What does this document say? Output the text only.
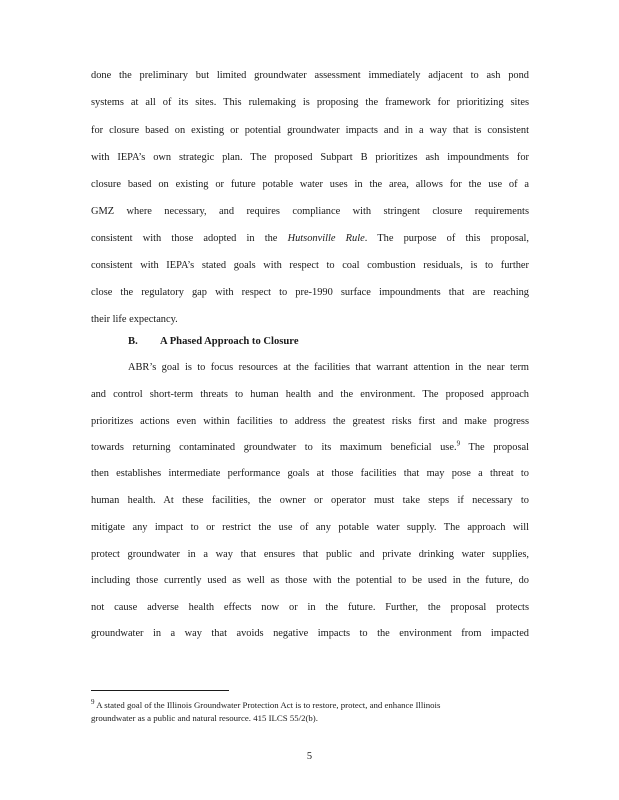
done the preliminary but limited groundwater assessment immediately adjacent to ash pond
systems at all of its sites. This rulemaking is proposing the framework for prioritizing sites
for closure based on existing or potential groundwater impacts and in a way that is consistent
with IEPA’s own strategic plan. The proposed Subpart B prioritizes ash impoundments for
closure based on existing or future potable water uses in the area, allows for the use of a
GMZ where necessary, and requires compliance with stringent closure requirements
consistent with those adopted in the Hutsonville Rule. The purpose of this proposal,
consistent with IEPA’s stated goals with respect to coal combustion residuals, is to further
close the regulatory gap with respect to pre-1990 surface impoundments that are reaching
their life expectancy.
B. A Phased Approach to Closure
ABR’s goal is to focus resources at the facilities that warrant attention in the near term
and control short-term threats to human health and the environment. The proposed approach
prioritizes actions even within facilities to address the greatest risks first and make progress
towards returning contaminated groundwater to its maximum beneficial use.$^9$ The proposal
then establishes intermediate performance goals at those facilities that may pose a threat to
human health. At these facilities, the owner or operator must take steps if necessary to
mitigate any impact to or restrict the use of any potable water supply. The approach will
protect groundwater in a way that ensures that public and private drinking water supplies,
including those currently used as well as those with the potential to be used in the future, do
not cause adverse health effects now or in the future. Further, the proposal protects
groundwater in a way that avoids negative impacts to the environment from impacted
$^9$ A stated goal of the Illinois Groundwater Protection Act is to restore, protect, and enhance Illinois
groundwater as a public and natural resource. 415 ILCS 55/2(b).
5
